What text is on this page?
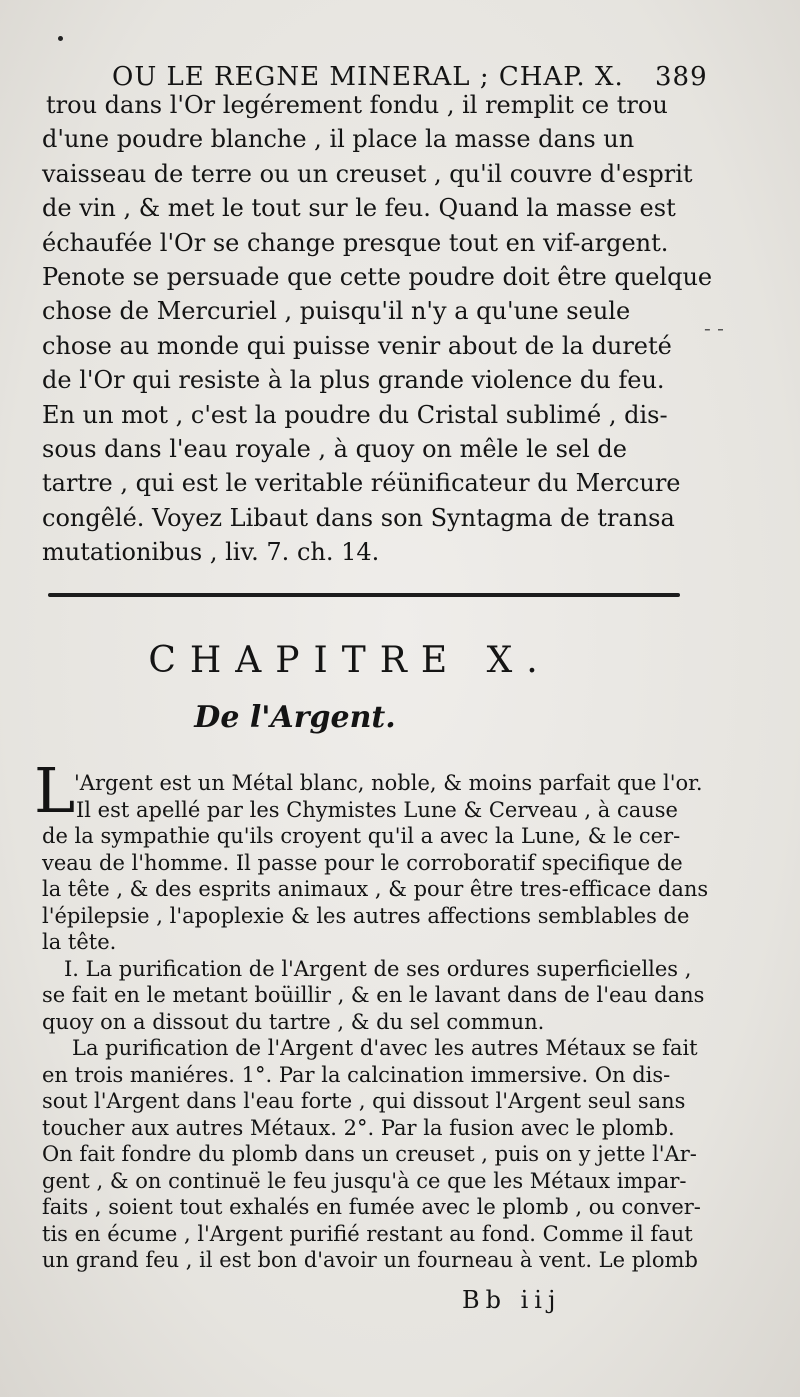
OU LE REGNE MINERAL ; CHAP. X. 389
trou dans l'Or legérement fondu , il remplit ce trou
d'une poudre blanche , il place la masse dans un
vaisseau de terre ou un creuset , qu'il couvre d'esprit
de vin , & met le tout sur le feu. Quand la masse est
échaufée l'Or se change presque tout en vif-argent.
Penote se persuade que cette poudre doit être quelque
chose de Mercuriel , puisqu'il n'y a qu'une seule
chose au monde qui puisse venir about de la dureté
de l'Or qui resiste à la plus grande violence du feu.
En un mot , c'est la poudre du Cristal sublimé , dis-
sous dans l'eau royale , à quoy on mêle le sel de
tartre , qui est le veritable réünificateur du Mercure
congêlé. Voyez Libaut dans son Syntagma de transa
mutationibus , liv. 7. ch. 14.
- -
CHAPITRE X.
De l'Argent.
L
'Argent est un Métal blanc, noble, & moins parfait que l'or.
Il est apellé par les Chymistes Lune & Cerveau , à cause
de la sympathie qu'ils croyent qu'il a avec la Lune, & le cer-
veau de l'homme. Il passe pour le corroboratif specifique de
la tête , & des esprits animaux , & pour être tres-efficace dans
l'épilepsie , l'apoplexie & les autres affections semblables de
la tête.
I. La purification de l'Argent de ses ordures superficielles ,
se fait en le metant boüillir , & en le lavant dans de l'eau dans
quoy on a dissout du tartre , & du sel commun.
La purification de l'Argent d'avec les autres Métaux se fait
en trois maniéres. 1°. Par la calcination immersive. On dis-
sout l'Argent dans l'eau forte , qui dissout l'Argent seul sans
toucher aux autres Métaux. 2°. Par la fusion avec le plomb.
On fait fondre du plomb dans un creuset , puis on y jette l'Ar-
gent , & on continuë le feu jusqu'à ce que les Métaux impar-
faits , soient tout exhalés en fumée avec le plomb , ou conver-
tis en écume , l'Argent purifié restant au fond. Comme il faut
un grand feu , il est bon d'avoir un fourneau à vent. Le plomb
Bb iij
